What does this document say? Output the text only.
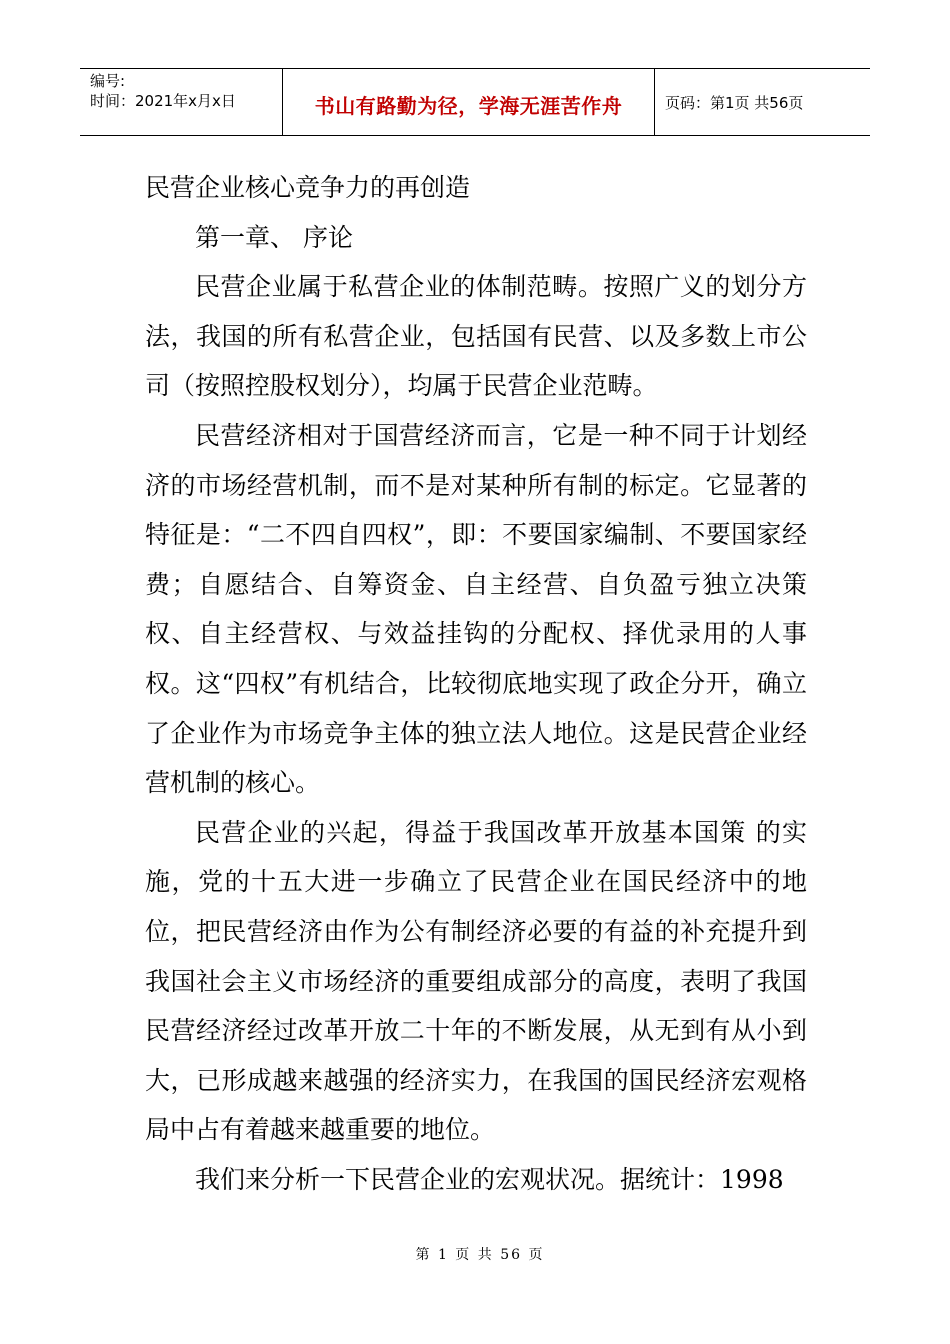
编号:
时间：2021年x月x日	书山有路勤为径，学海无涯苦作舟	页码：第1页 共56页

民营企业核心竞争力的再创造

第一章、 序论

民营企业属于私营企业的体制范畴。按照广义的划分方法，我国的所有私营企业，包括国有民营、以及多数上市公司（按照控股权划分），均属于民营企业范畴。

民营经济相对于国营经济而言，它是一种不同于计划经济的市场经营机制，而不是对某种所有制的标定。它显著的特征是：“二不四自四权”，即：不要国家编制、不要国家经费；自愿结合、自筹资金、自主经营、自负盈亏独立决策权、自主经营权、与效益挂钩的分配权、择优录用的人事权。这“四权”有机结合，比较彻底地实现了政企分开，确立了企业作为市场竞争主体的独立法人地位。这是民营企业经营机制的核心。

民营企业的兴起，得益于我国改革开放基本国策 的实施，党的十五大进一步确立了民营企业在国民经济中的地位，把民营经济由作为公有制经济必要的有益的补充提升到我国社会主义市场经济的重要组成部分的高度，表明了我国民营经济经过改革开放二十年的不断发展，从无到有从小到大，已形成越来越强的经济实力，在我国的国民经济宏观格局中占有着越来越重要的地位。

我们来分析一下民营企业的宏观状况。据统计：1998

第 1 页 共 56 页
